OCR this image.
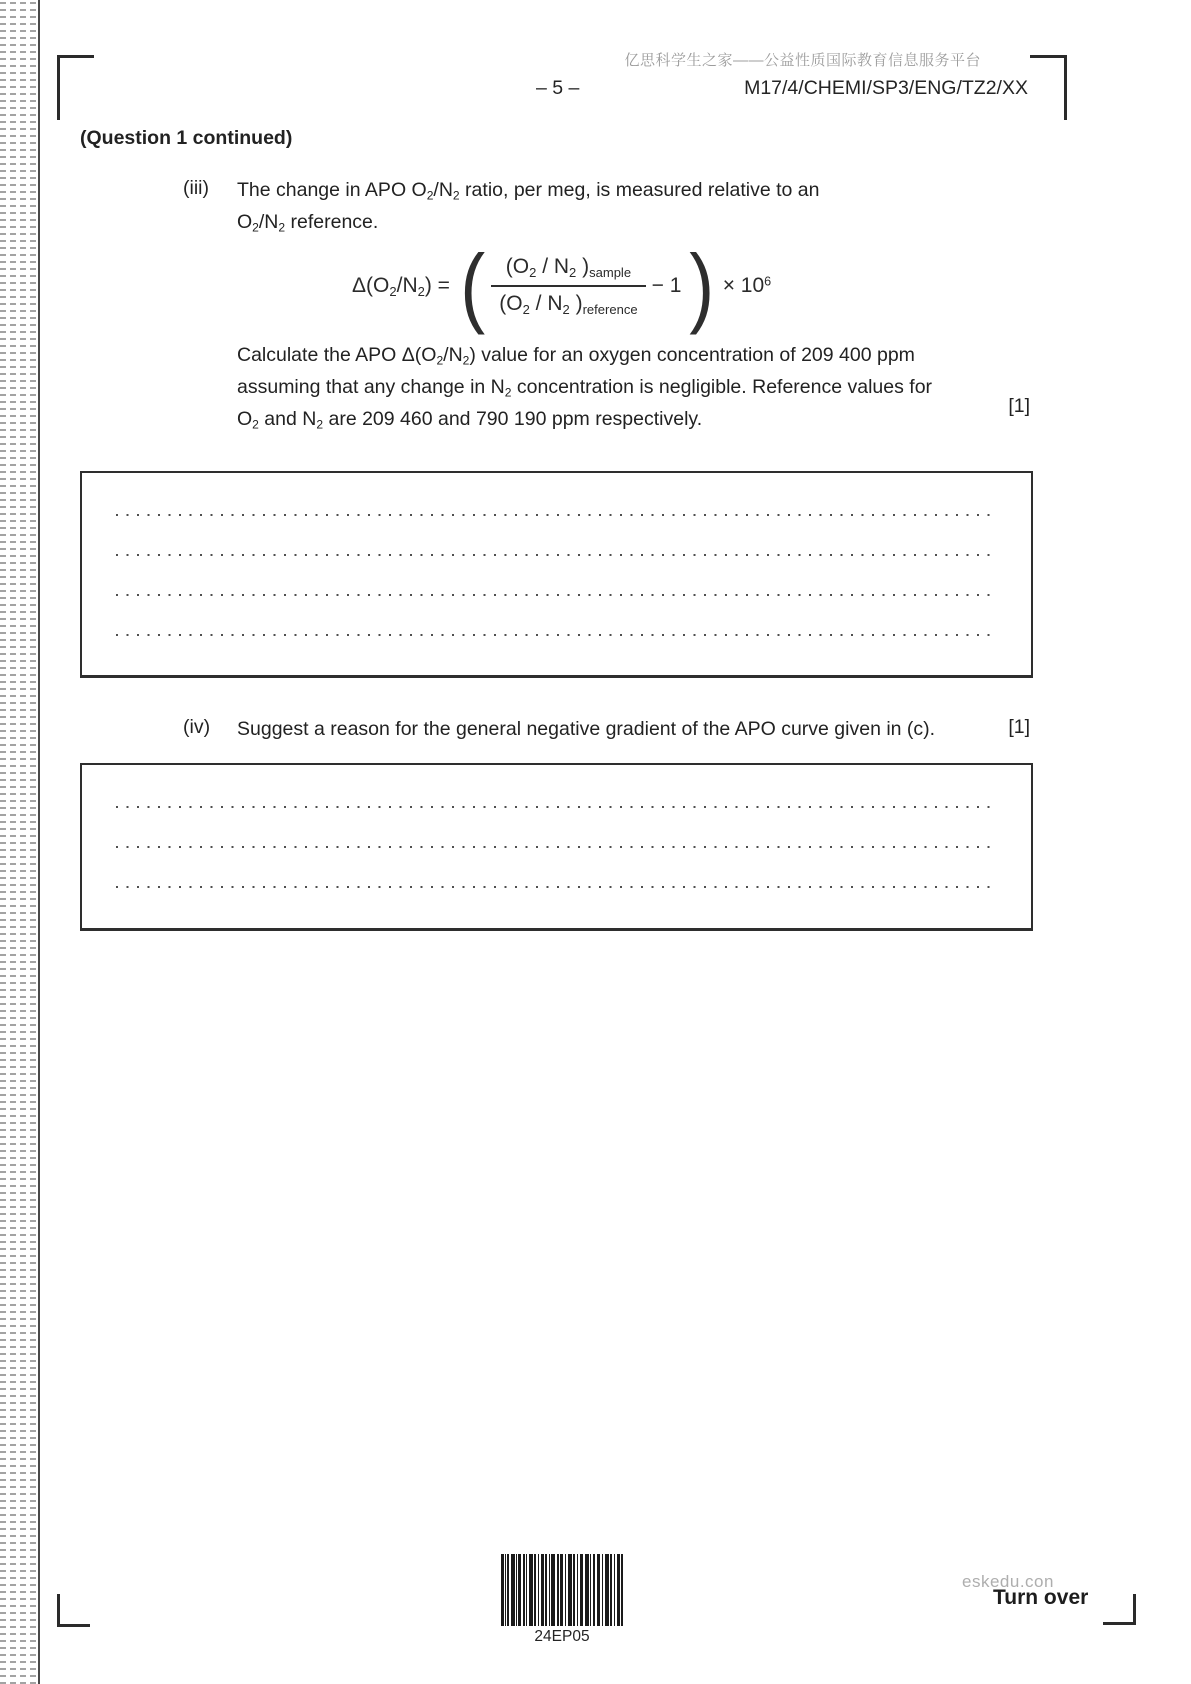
亿思科学生之家——公益性质国际教育信息服务平台
– 5 –	M17/4/CHEMI/SP3/ENG/TZ2/XX
(Question 1 continued)
(iii) The change in APO $O_2/N_2$ ratio, per meg, is measured relative to an
$O_2/N_2$ reference.
$\Delta(O_2/N_2)$ = ( $\frac{(O_2 / N_2 )_{sample}}{(O_2 / N_2 )_{reference}} - 1$ ) × $10^6$
Calculate the APO $\Delta(O_2/N_2)$ value for an oxygen concentration of 209 400 ppm
assuming that any change in $N_2$ concentration is negligible. Reference values for
$O_2$ and $N_2$ are 209 460 and 790 190 ppm respectively.
[1]
(iv) Suggest a reason for the general negative gradient of the APO curve given in (c).	[1]
24EP05
eskedu.con
Turn over
